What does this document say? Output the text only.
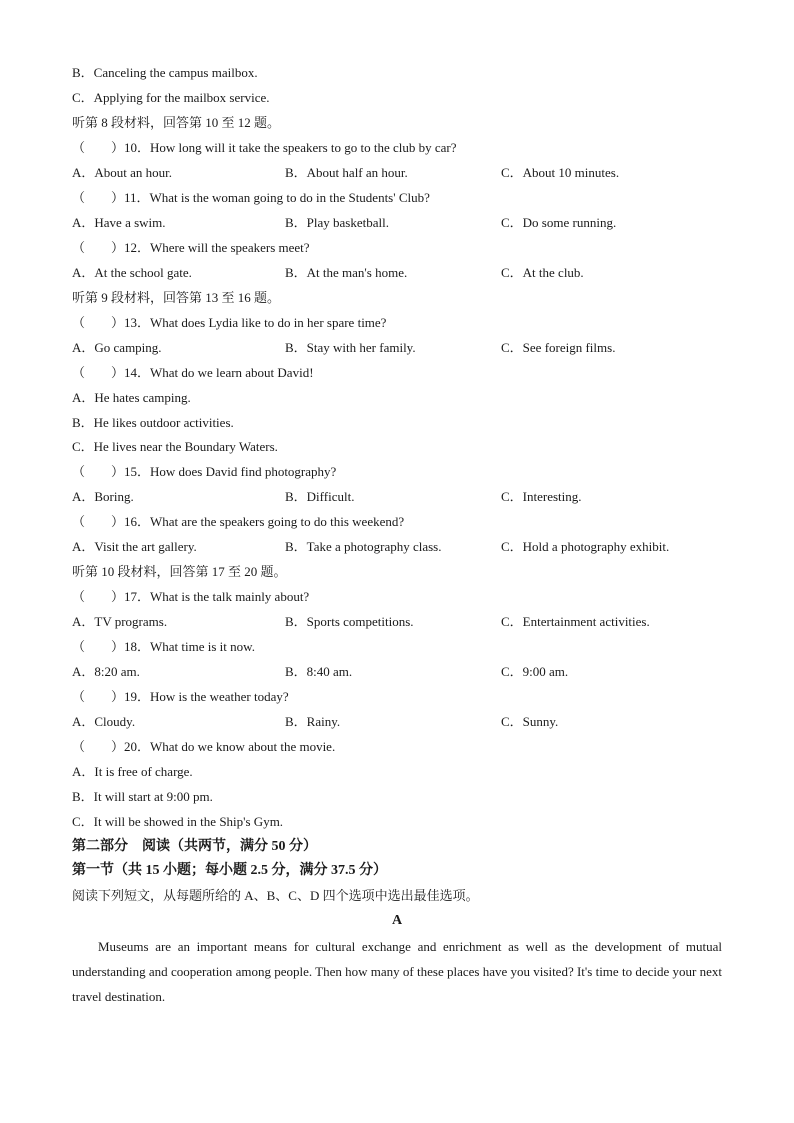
B．Canceling the campus mailbox.
C．Applying for the mailbox service.
听第 8 段材料，回答第 10 至 12 题。
（　　）10．How long will it take the speakers to go to the club by car?
A．About an hour.	B．About half an hour.	C．About 10 minutes.
（　　）11．What is the woman going to do in the Students' Club?
A．Have a swim.	B．Play basketball.	C．Do some running.
（　　）12．Where will the speakers meet?
A．At the school gate.	B．At the man's home.	C．At the club.
听第 9 段材料，回答第 13 至 16 题。
（　　）13．What does Lydia like to do in her spare time?
A．Go camping.	B．Stay with her family.	C．See foreign films.
（　　）14．What do we learn about David!
A．He hates camping.
B．He likes outdoor activities.
C．He lives near the Boundary Waters.
（　　）15．How does David find photography?
A．Boring.	B．Difficult.	C．Interesting.
（　　）16．What are the speakers going to do this weekend?
A．Visit the art gallery.	B．Take a photography class.	C．Hold a photography exhibit.
听第 10 段材料，回答第 17 至 20 题。
（　　）17．What is the talk mainly about?
A．TV programs.	B．Sports competitions.	C．Entertainment activities.
（　　）18．What time is it now.
A．8:20 am.	B．8:40 am.	C．9:00 am.
（　　）19．How is the weather today?
A．Cloudy.	B．Rainy.	C．Sunny.
（　　）20．What do we know about the movie.
A．It is free of charge.
B．It will start at 9:00 pm.
C．It will be showed in the Ship's Gym.
第二部分　阅读（共两节，满分 50 分）
第一节（共 15 小题；每小题 2.5 分，满分 37.5 分）
阅读下列短文，从每题所给的 A、B、C、D 四个选项中选出最佳选项。
A
Museums are an important means for cultural exchange and enrichment as well as the development of mutual understanding and cooperation among people. Then how many of these places have you visited? It's time to decide your next travel destination.
